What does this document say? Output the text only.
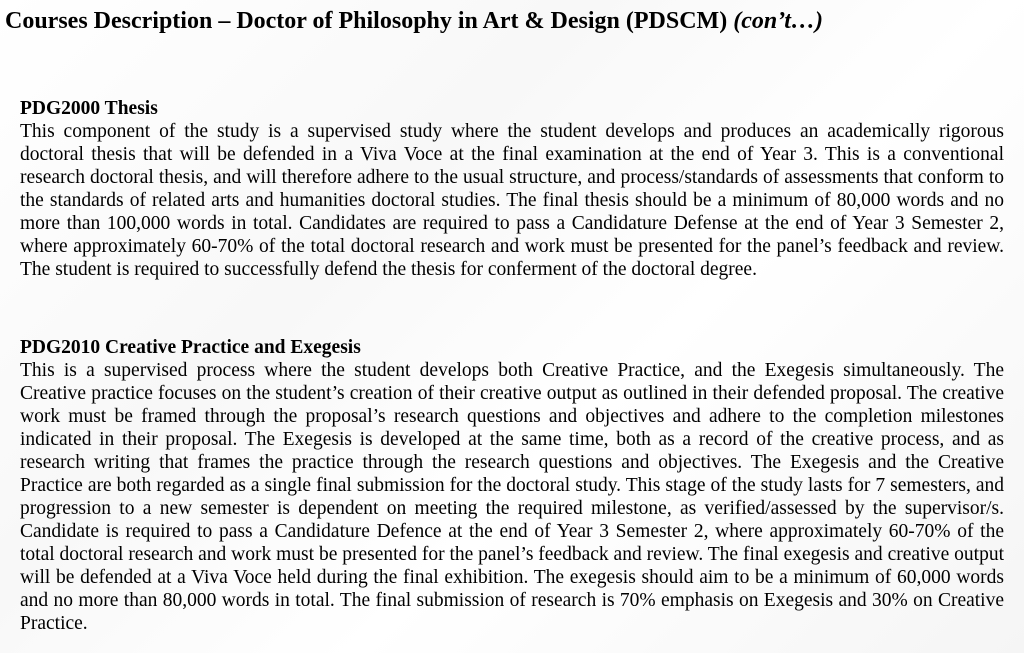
Courses Description – Doctor of Philosophy in Art & Design (PDSCM) (con’t…)
PDG2000 Thesis

This component of the study is a supervised study where the student develops and produces an academically rigorous doctoral thesis that will be defended in a Viva Voce at the final examination at the end of Year 3. This is a conventional research doctoral thesis, and will therefore adhere to the usual structure, and process/standards of assessments that conform to the standards of related arts and humanities doctoral studies. The final thesis should be a minimum of 80,000 words and no more than 100,000 words in total. Candidates are required to pass a Candidature Defense at the end of Year 3 Semester 2, where approximately 60-70% of the total doctoral research and work must be presented for the panel’s feedback and review. The student is required to successfully defend the thesis for conferment of the doctoral degree.

PDG2010 Creative Practice and Exegesis

This is a supervised process where the student develops both Creative Practice, and the Exegesis simultaneously. The Creative practice focuses on the student’s creation of their creative output as outlined in their defended proposal. The creative work must be framed through the proposal’s research questions and objectives and adhere to the completion milestones indicated in their proposal. The Exegesis is developed at the same time, both as a record of the creative process, and as research writing that frames the practice through the research questions and objectives. The Exegesis and the Creative Practice are both regarded as a single final submission for the doctoral study. This stage of the study lasts for 7 semesters, and progression to a new semester is dependent on meeting the required milestone, as verified/assessed by the supervisor/s. Candidate is required to pass a Candidature Defence at the end of Year 3 Semester 2, where approximately 60-70% of the total doctoral research and work must be presented for the panel’s feedback and review. The final exegesis and creative output will be defended at a Viva Voce held during the final exhibition. The exegesis should aim to be a minimum of 60,000 words and no more than 80,000 words in total. The final submission of research is 70% emphasis on Exegesis and 30% on Creative Practice.
